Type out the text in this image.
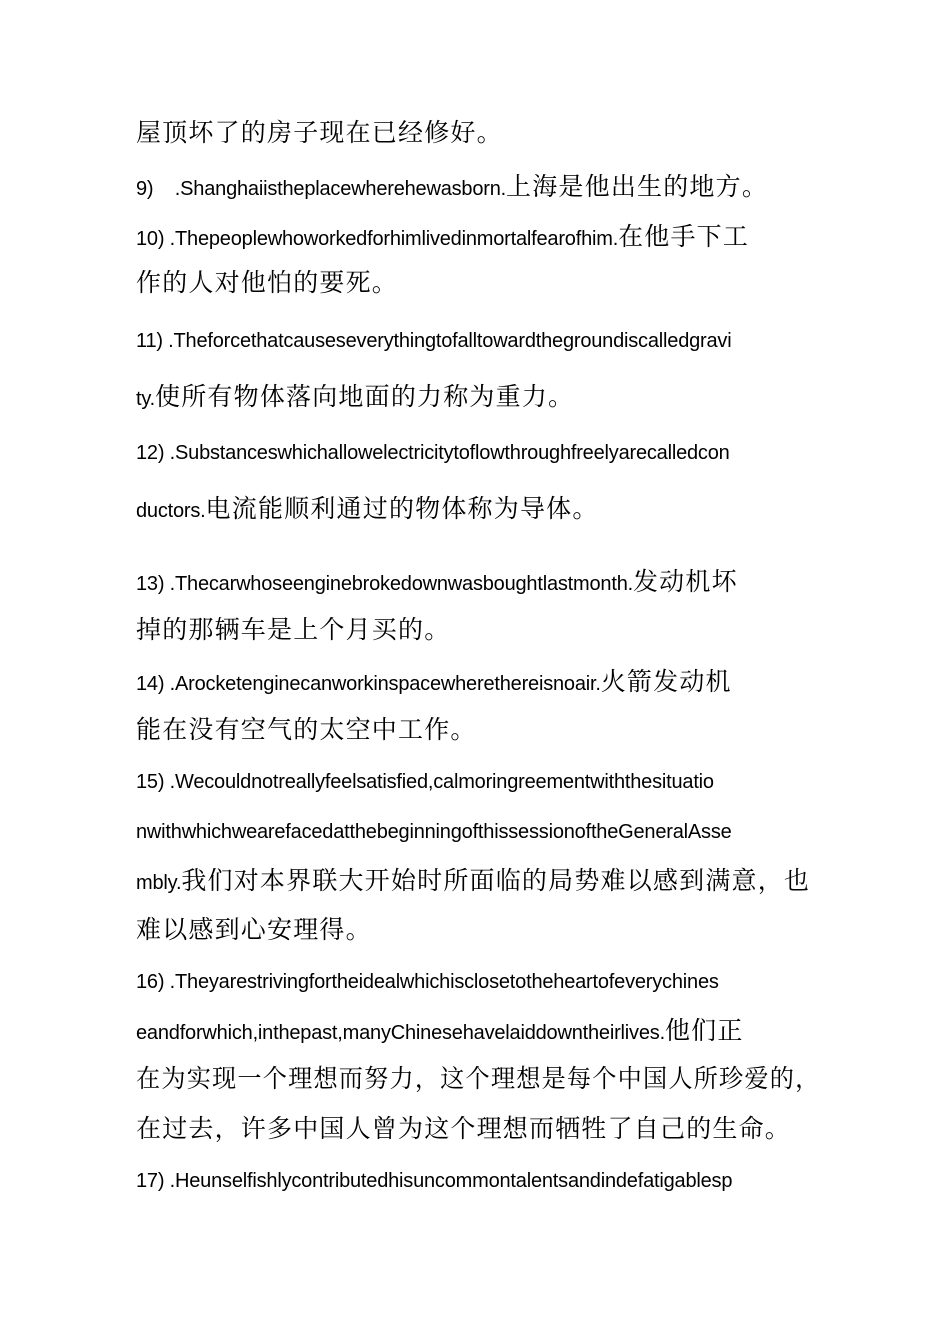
屋顶坏了的房子现在已经修好。
9)    .Shanghaiistheplacewherehewasborn.上海是他出生的地方。
10) .Thepeoplewhoworkedforhimlivedinmortalfearofhim.在他手下工
作的人对他怕的要死。
11) .Theforcethatcauseseverythingtofalltowardthegroundiscalledgravi
ty.使所有物体落向地面的力称为重力。
12) .Substanceswhichallowelectricitytoflowthroughfreelyarecalledcon
ductors.电流能顺利通过的物体称为导体。
13) .Thecarwhoseenginebrokedownwasboughtlastmonth.发动机坏
掉的那辆车是上个月买的。
14) .Arocketenginecanworkinspacewherethereisnoair.火箭发动机
能在没有空气的太空中工作。
15) .Wecouldnotreallyfeelsatisfied,calmoringreementwiththesituatio
nwithwhichwearefacedatthebeginningofthissessionoftheGeneralAsse
mbly.我们对本界联大开始时所面临的局势难以感到满意，也
难以感到心安理得。
16) .Theyarestrivingfortheidealwhichisclosetotheheartofeverychines
eandforwhich,inthepast,manyChinesehavelaiddowntheirlives.他们正
在为实现一个理想而努力，这个理想是每个中国人所珍爱的，
在过去，许多中国人曾为这个理想而牺牲了自己的生命。
17) .Heunselfishlycontributedhisuncommontalentsandindefatigablesp
